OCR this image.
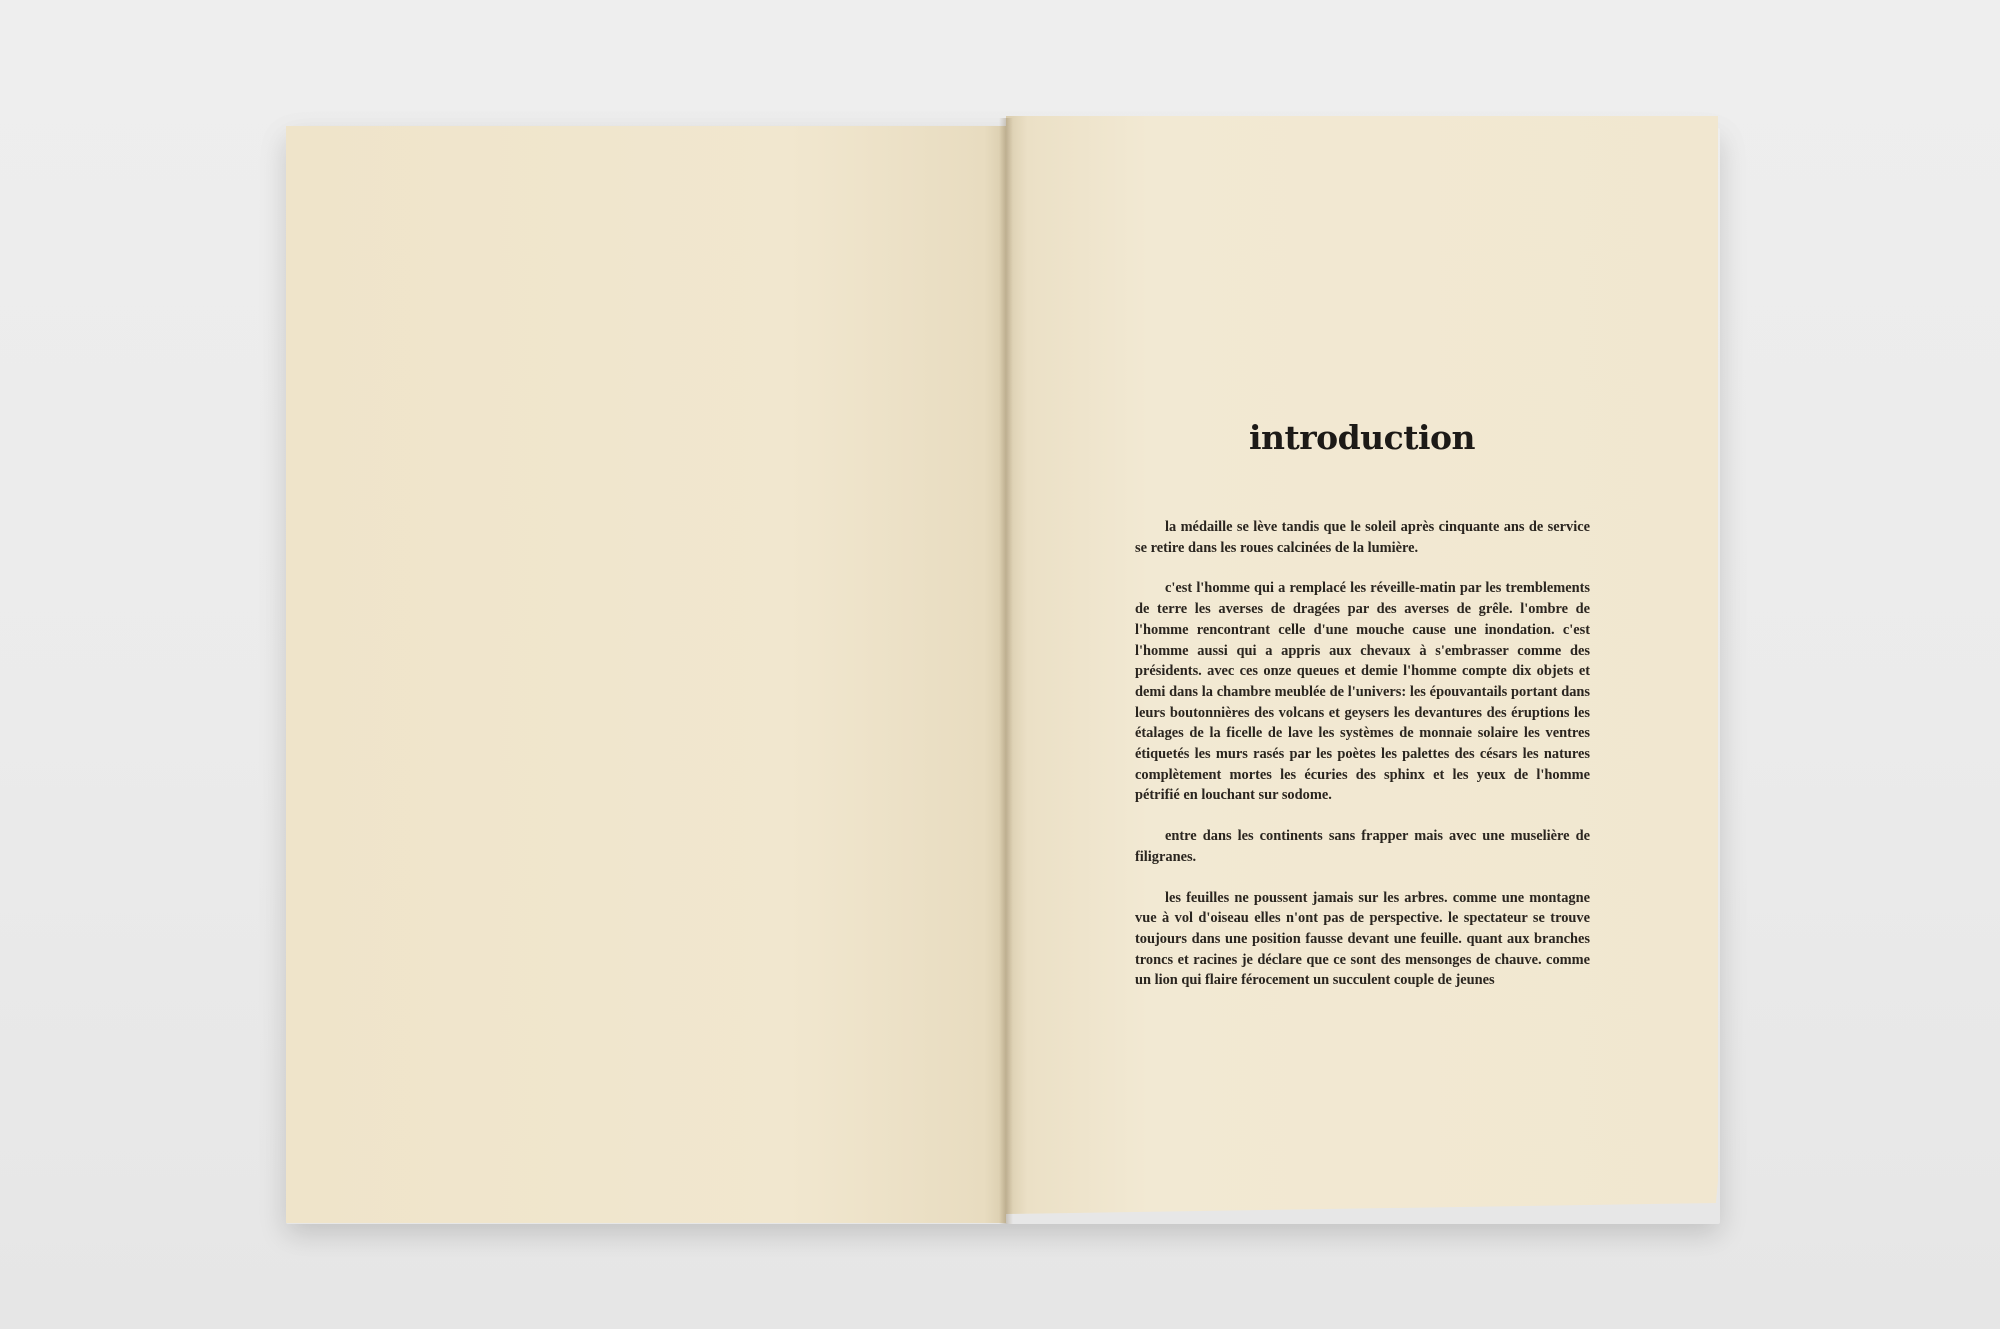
introduction

la médaille se lève tandis que le soleil après cinquante ans de service se retire dans les roues calcinées de la lumière.

c'est l'homme qui a remplacé les réveille-matin par les tremblements de terre les averses de dragées par des averses de grêle. l'ombre de l'homme rencontrant celle d'une mouche cause une inondation. c'est l'homme aussi qui a appris aux chevaux à s'embrasser comme des présidents. avec ces onze queues et demie l'homme compte dix objets et demi dans la chambre meublée de l'univers: les épouvantails portant dans leurs boutonnières des volcans et geysers les devantures des éruptions les étalages de la ficelle de lave les systèmes de monnaie solaire les ventres étiquetés les murs rasés par les poètes les palettes des césars les natures complètement mortes les écuries des sphinx et les yeux de l'homme pétrifié en louchant sur sodome.

entre dans les continents sans frapper mais avec une muselière de filigranes.

les feuilles ne poussent jamais sur les arbres. comme une montagne vue à vol d'oiseau elles n'ont pas de perspective. le spectateur se trouve toujours dans une position fausse devant une feuille. quant aux branches troncs et racines je déclare que ce sont des mensonges de chauve. comme un lion qui flaire férocement un succulent couple de jeunes
